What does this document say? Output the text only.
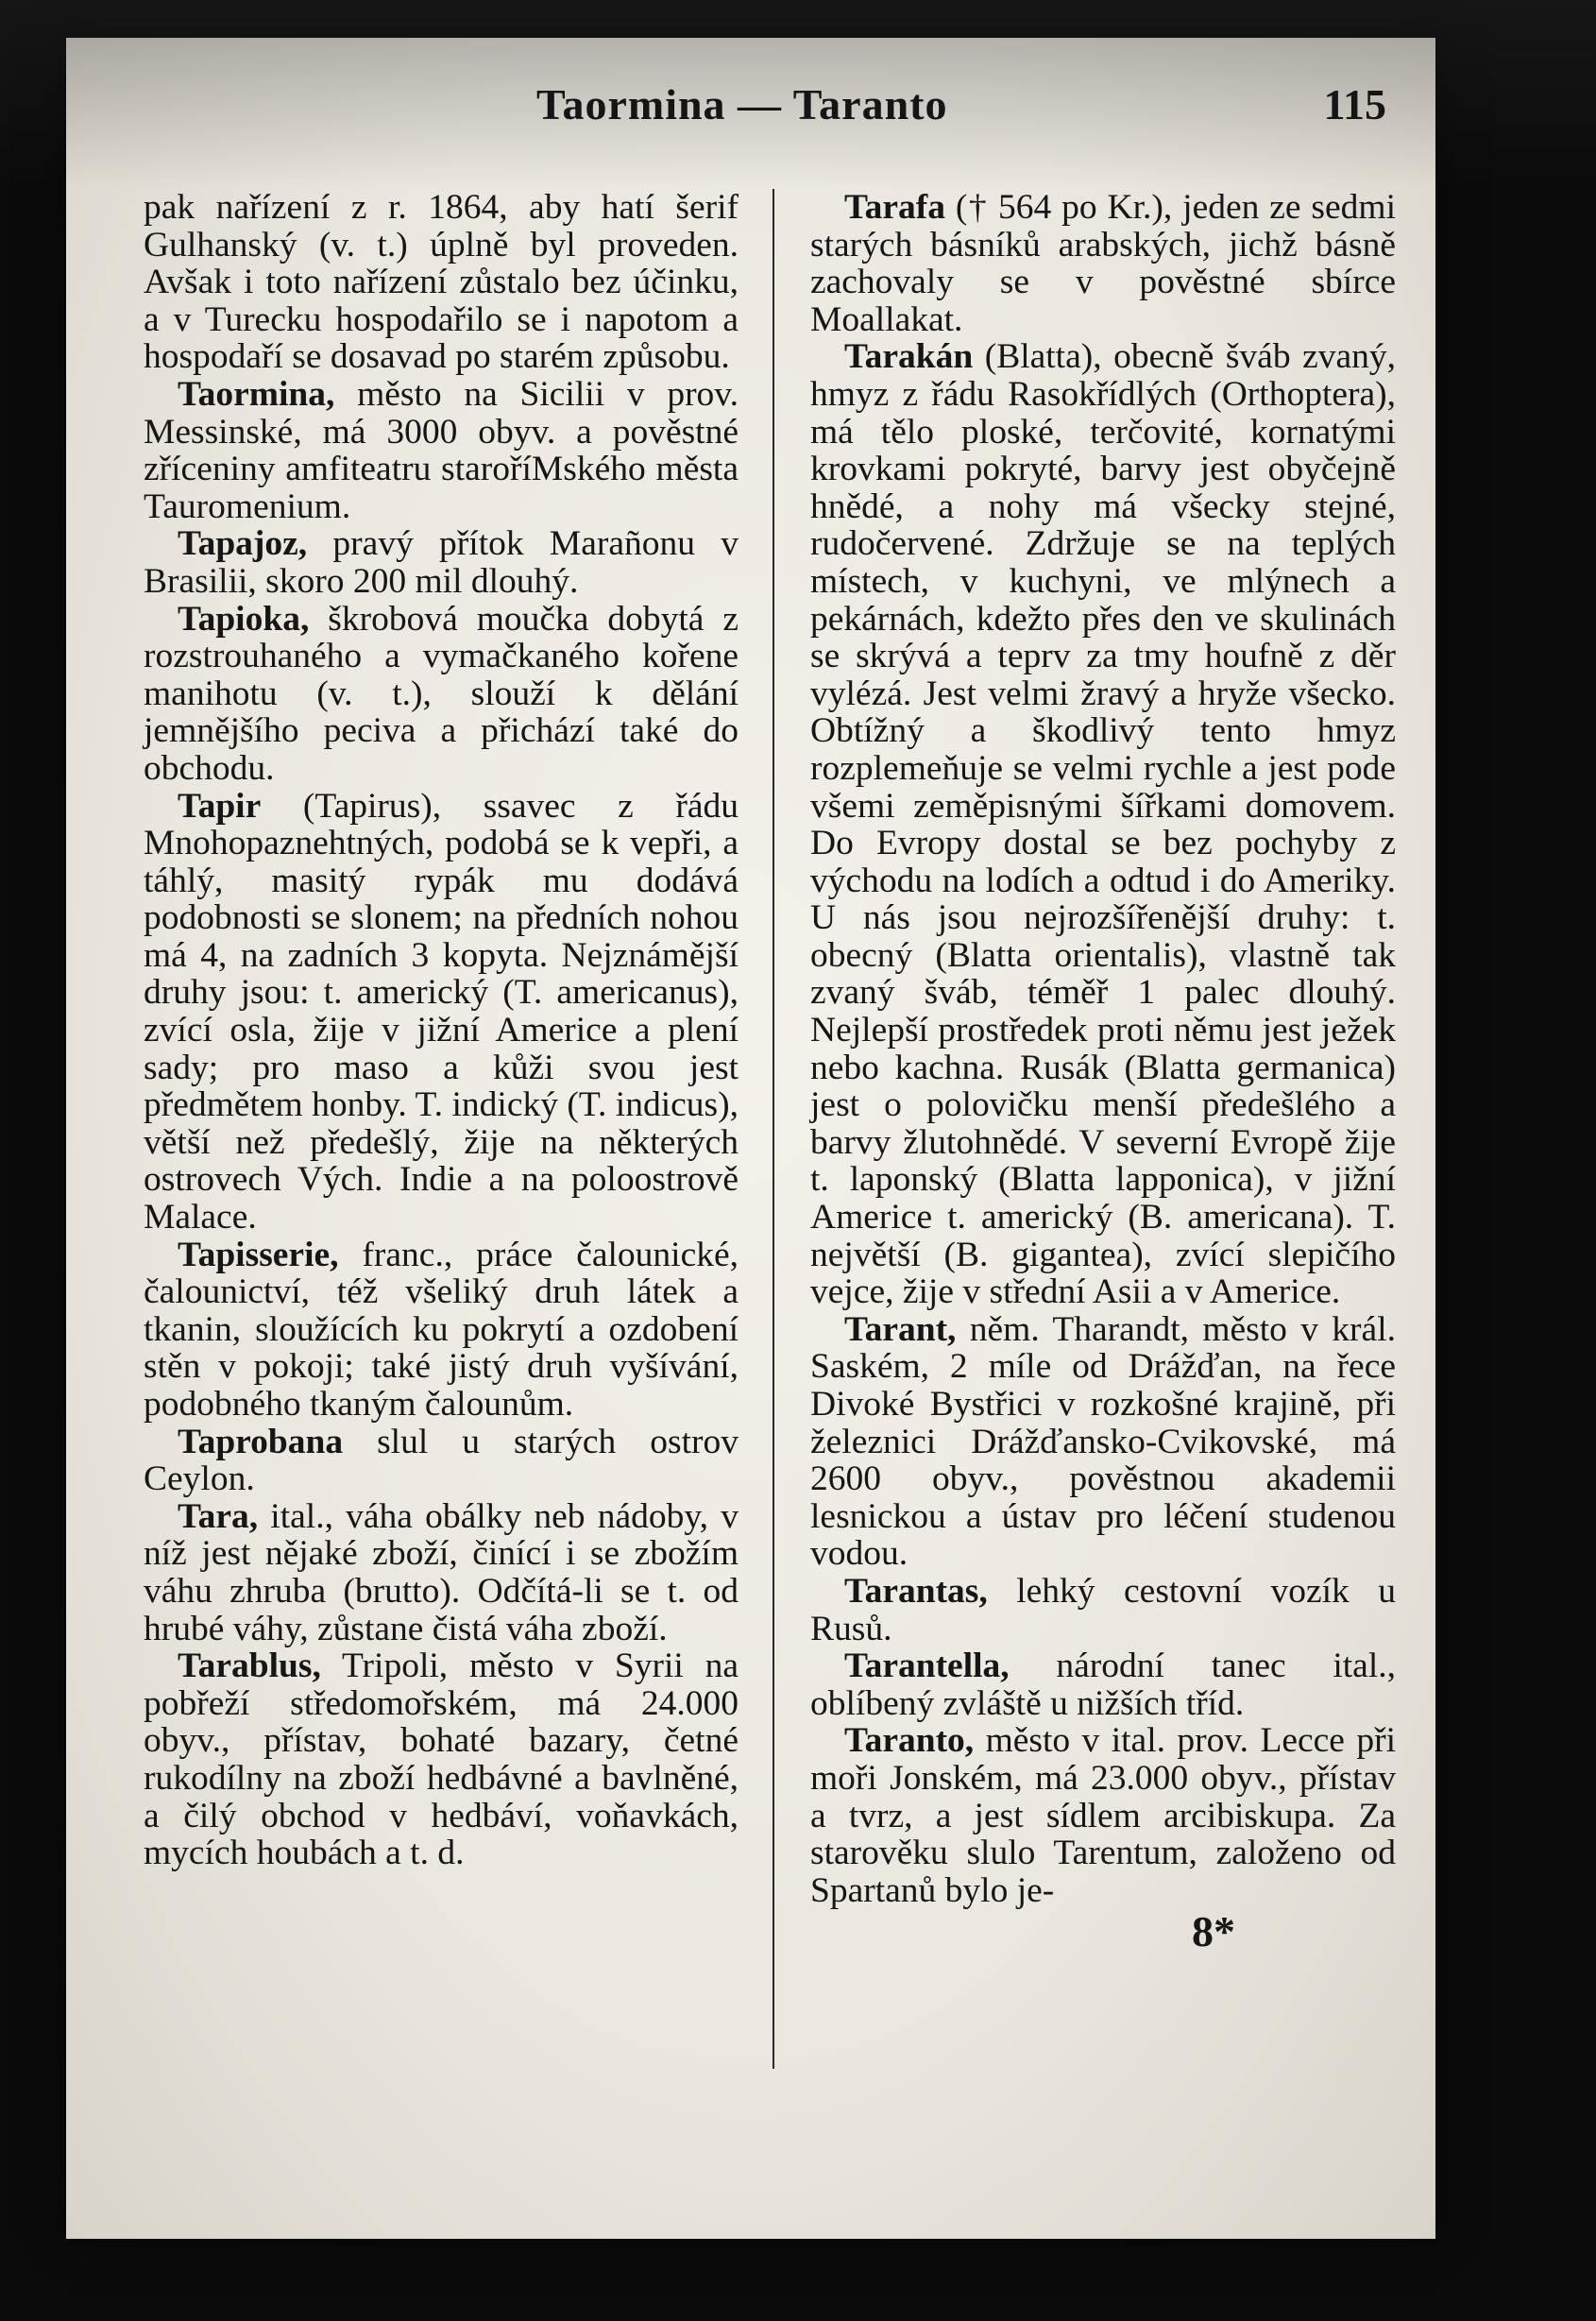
Taormina — Taranto	115

pak nařízení z r. 1864, aby hatí šerif Gulhanský (v. t.) úplně byl proveden. Avšak i toto nařízení zůstalo bez účinku, a v Turecku hospodařilo se i napotom a hospodaří se dosavad po starém způsobu.

Taormina, město na Sicilii v prov. Messinské, má 3000 obyv. a pověstné zříceniny amfiteatru staroříMského města Tauromenium.

Tapajoz, pravý přítok Marañonu v Brasilii, skoro 200 mil dlouhý.

Tapioka, škrobová moučka dobytá z rozstrouhaného a vymačkaného kořene manihotu (v. t.), slouží k dělání jemnějšího peciva a přichází také do obchodu.

Tapir (Tapirus), ssavec z řádu Mnohopaznehtných, podobá se k vepři, a táhlý, masitý rypák mu dodává podobnosti se slonem; na předních nohou má 4, na zadních 3 kopyta. Nejznámější druhy jsou: t. americký (T. americanus), zvící osla, žije v jižní Americe a plení sady; pro maso a kůži svou jest předmětem honby. T. indický (T. indicus), větší než předešlý, žije na některých ostrovech Vých. Indie a na poloostrově Malace.

Tapisserie, franc., práce čalounické, čalounictví, též všeliký druh látek a tkanin, sloužících ku pokrytí a ozdobení stěn v pokoji; také jistý druh vyšívání, podobného tkaným čalounům.

Taprobana slul u starých ostrov Ceylon.

Tara, ital., váha obálky neb nádoby, v níž jest nějaké zboží, činící i se zbožím váhu zhruba (brutto). Odčítá-li se t. od hrubé váhy, zůstane čistá váha zboží.

Tarablus, Tripoli, město v Syrii na pobřeží středomořském, má 24.000 obyv., přístav, bohaté bazary, četné rukodílny na zboží hedbávné a bavlněné, a čilý obchod v hedbáví, voňavkách, mycích houbách a t. d.

Tarafa († 564 po Kr.), jeden ze sedmi starých básníků arabských, jichž básně zachovaly se v pověstné sbírce Moallakat.

Tarakán (Blatta), obecně šváb zvaný, hmyz z řádu Rasokřídlých (Orthoptera), má tělo ploské, terčovité, kornatými krovkami pokryté, barvy jest obyčejně hnědé, a nohy má všecky stejné, rudočervené. Zdržuje se na teplých místech, v kuchyni, ve mlýnech a pekárnách, kdežto přes den ve skulinách se skrývá a teprv za tmy houfně z děr vylézá. Jest velmi žravý a hryže všecko. Obtížný a škodlivý tento hmyz rozplemeňuje se velmi rychle a jest pode všemi zeměpisnými šířkami domovem. Do Evropy dostal se bez pochyby z východu na lodích a odtud i do Ameriky. U nás jsou nejrozšířenější druhy: t. obecný (Blatta orientalis), vlastně tak zvaný šváb, téměř 1 palec dlouhý. Nejlepší prostředek proti němu jest ježek nebo kachna. Rusák (Blatta germanica) jest o polovičku menší předešlého a barvy žlutohnědé. V severní Evropě žije t. laponský (Blatta lapponica), v jižní Americe t. americký (B. americana). T. největší (B. gigantea), zvící slepičího vejce, žije v střední Asii a v Americe.

Tarant, něm. Tharandt, město v král. Saském, 2 míle od Drážďan, na řece Divoké Bystřici v rozkošné krajině, při železnici Drážďansko-Cvikovské, má 2600 obyv., pověstnou akademii lesnickou a ústav pro léčení studenou vodou.

Tarantas, lehký cestovní vozík u Rusů.

Tarantella, národní tanec ital., oblíbený zvláště u nižších tříd.

Taranto, město v ital. prov. Lecce při moři Jonském, má 23.000 obyv., přístav a tvrz, a jest sídlem arcibiskupa. Za starověku slulo Tarentum, založeno od Spartanů bylo je-

8*
